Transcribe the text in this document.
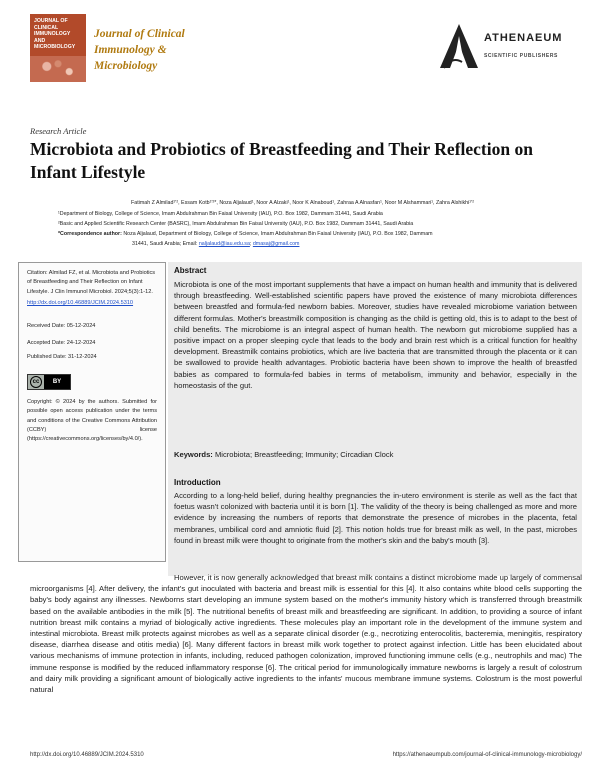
JOURNAL OF CLINICAL IMMUNOLOGY AND MICROBIOLOGY
Journal of Clinical
Immunology &
Microbiology
ATHENAEUM
SCIENTIFIC PUBLISHERS
Research Article
Microbiota and Probiotics of Breastfeeding and Their Reflection on Infant Lifestyle
Fatimah Z Almilad¹ʼ², Essam Kotb¹ʼ²*, Noza Aljalaud¹, Noor A Alzaki¹, Noor K Alnaboud¹, Zahraa A Alnasfan¹, Noor M Alshammari¹, Zahra Alshikhi¹ʼ²
¹Department of Biology, College of Science, Imam Abdulrahman Bin Faisal University (IAU), P.O. Box 1982, Dammam 31441, Saudi Arabia
²Basic and Applied Scientific Research Center (BASRC), Imam Abdulrahman Bin Faisal University (IAU), P.O. Box 1982, Dammam 31441, Saudi Arabia
*Correspondence author: Noza Aljalaud, Department of Biology, College of Science, Imam Abdulrahman Bin Faisal University (IAU), P.O. Box 1982, Dammam
31441, Saudi Arabia; Email: naljalaud@iau.edu.sa; dmasaj@gmail.com
Citation: Almilad FZ, et al. Microbiota and Probiotics of Breastfeeding and Their Reflection on Infant Lifestyle. J Clin Immunol Microbiol. 2024;5(3):1-12.
http://dx.doi.org/10.46889/JCIM.2024.5310
Received Date: 05-12-2024
Accepted Date: 24-12-2024
Published Date: 31-12-2024
cc	BY
Copyright: © 2024 by the authors. Submitted for possible open access publication under the terms and conditions of the Creative Commons Attribution (CCBY) license (https://creativecommons.org/licenses/by/4.0/).
Abstract
Microbiota is one of the most important supplements that have a impact on human health and immunity that is delivered through breastfeeding. Well-established scientific papers have proved the existence of many microbiota differences between breastfed and formula-fed newborn babies. Moreover, studies have revealed microbiome variation between different formulas. Mother's breastmilk composition is changing as the child is getting old, this is to adapt to the best of child benefits. The microbiome is an integral aspect of human health. The newborn gut microbiome supplied has a positive impact on a proper sleeping cycle that leads to the body and brain rest which is a critical function for healthy development. Breastmilk contains probiotics, which are live bacteria that are transmitted through the placenta or it can be swallowed to provide health advantages. Probiotic bacteria have been shown to improve the health of breastfed babies as compared to formula-fed babies in terms of metabolism, immunity and behavior, especially in the homeostasis of the gut.
Keywords: Microbiota; Breastfeeding; Immunity; Circadian Clock
Introduction
According to a long-held belief, during healthy pregnancies the in-utero environment is sterile as well as the fact that foetus wasn't colonized with bacteria until it is born [1]. The validity of the theory is being challenged as more and more evidence by increasing the numbers of reports that demonstrate the presence of microbes in the placenta, fetal membranes, umbilical cord and amniotic fluid [2]. This notion holds true for breast milk as well, In the past, microbes found in breast milk were thought to originate from the mother's skin and the baby's mouth [3].
However, it is now generally acknowledged that breast milk contains a distinct microbiome made up largely of commensal microorganisms [4]. After delivery, the infant's gut inoculated with bacteria and breast milk is essential for this [4]. It also contains white blood cells supporting the baby's body against any illnesses. Newborns start developing an immune system based on the mother's immunity history which is transferred through breastmilk based on the available antibodies in the milk [5]. The nutritional benefits of breast milk and breastfeeding are significant. In addition, to providing a source of infant nutrition breast milk contains a myriad of biologically active ingredients. These molecules play an important role in the development of the immune system and intestinal microbiota. Breast milk protects against microbes as well as a separate clinical disorder (e.g., necrotizing enterocolitis, bacteremia, meningitis, respiratory disease, diarrhea disease and otitis media) [6]. Many different factors in breast milk work together to protect against infection. Little has been elucidated about various mechanisms of immune protection in infants, including, reduced pathogen colonization, improved functioning immune cells (e.g., neutrophils and mac) The immune response is modified by the reduced inflammatory response [6]. The critical period for immunologically immature newborns is largely a result of colostrum and dairy milk providing a significant amount of biologically active ingredients to the infants' mucous membrane immune systems. Colostrum is the most powerful natural
http://dx.doi.org/10.46889/JCIM.2024.5310	https://athenaeumpub.com/journal-of-clinical-immunology-microbiology/
